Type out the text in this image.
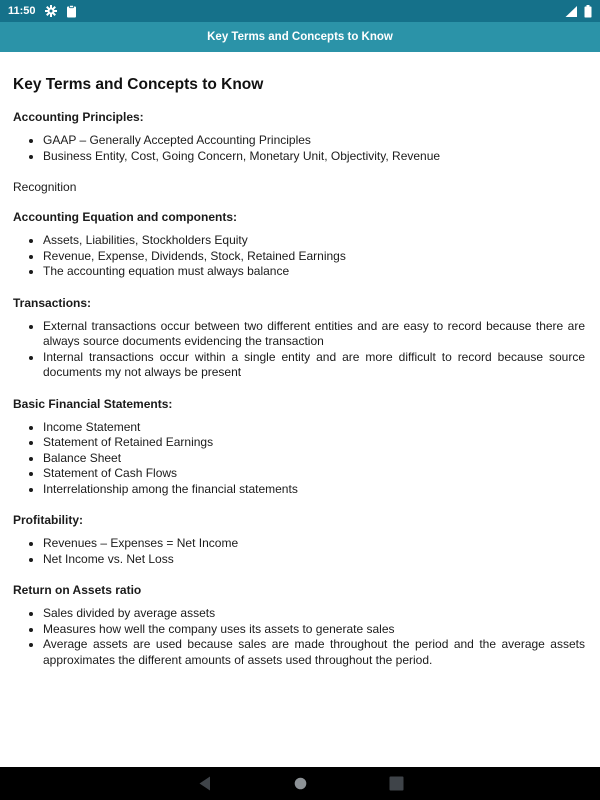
11:50
Key Terms and Concepts to Know
Key Terms and Concepts to Know
Accounting Principles:
• GAAP – Generally Accepted Accounting Principles
• Business Entity, Cost, Going Concern, Monetary Unit, Objectivity, Revenue
Recognition
Accounting Equation and components:
• Assets, Liabilities, Stockholders Equity
• Revenue, Expense, Dividends, Stock, Retained Earnings
• The accounting equation must always balance
Transactions:
• External transactions occur between two different entities and are easy to record because there are always source documents evidencing the transaction
• Internal transactions occur within a single entity and are more difficult to record because source documents my not always be present
Basic Financial Statements:
• Income Statement
• Statement of Retained Earnings
• Balance Sheet
• Statement of Cash Flows
• Interrelationship among the financial statements
Profitability:
• Revenues – Expenses = Net Income
• Net Income vs. Net Loss
Return on Assets ratio
• Sales divided by average assets
• Measures how well the company uses its assets to generate sales
• Average assets are used because sales are made throughout the period and the average assets approximates the different amounts of assets used throughout the period.
